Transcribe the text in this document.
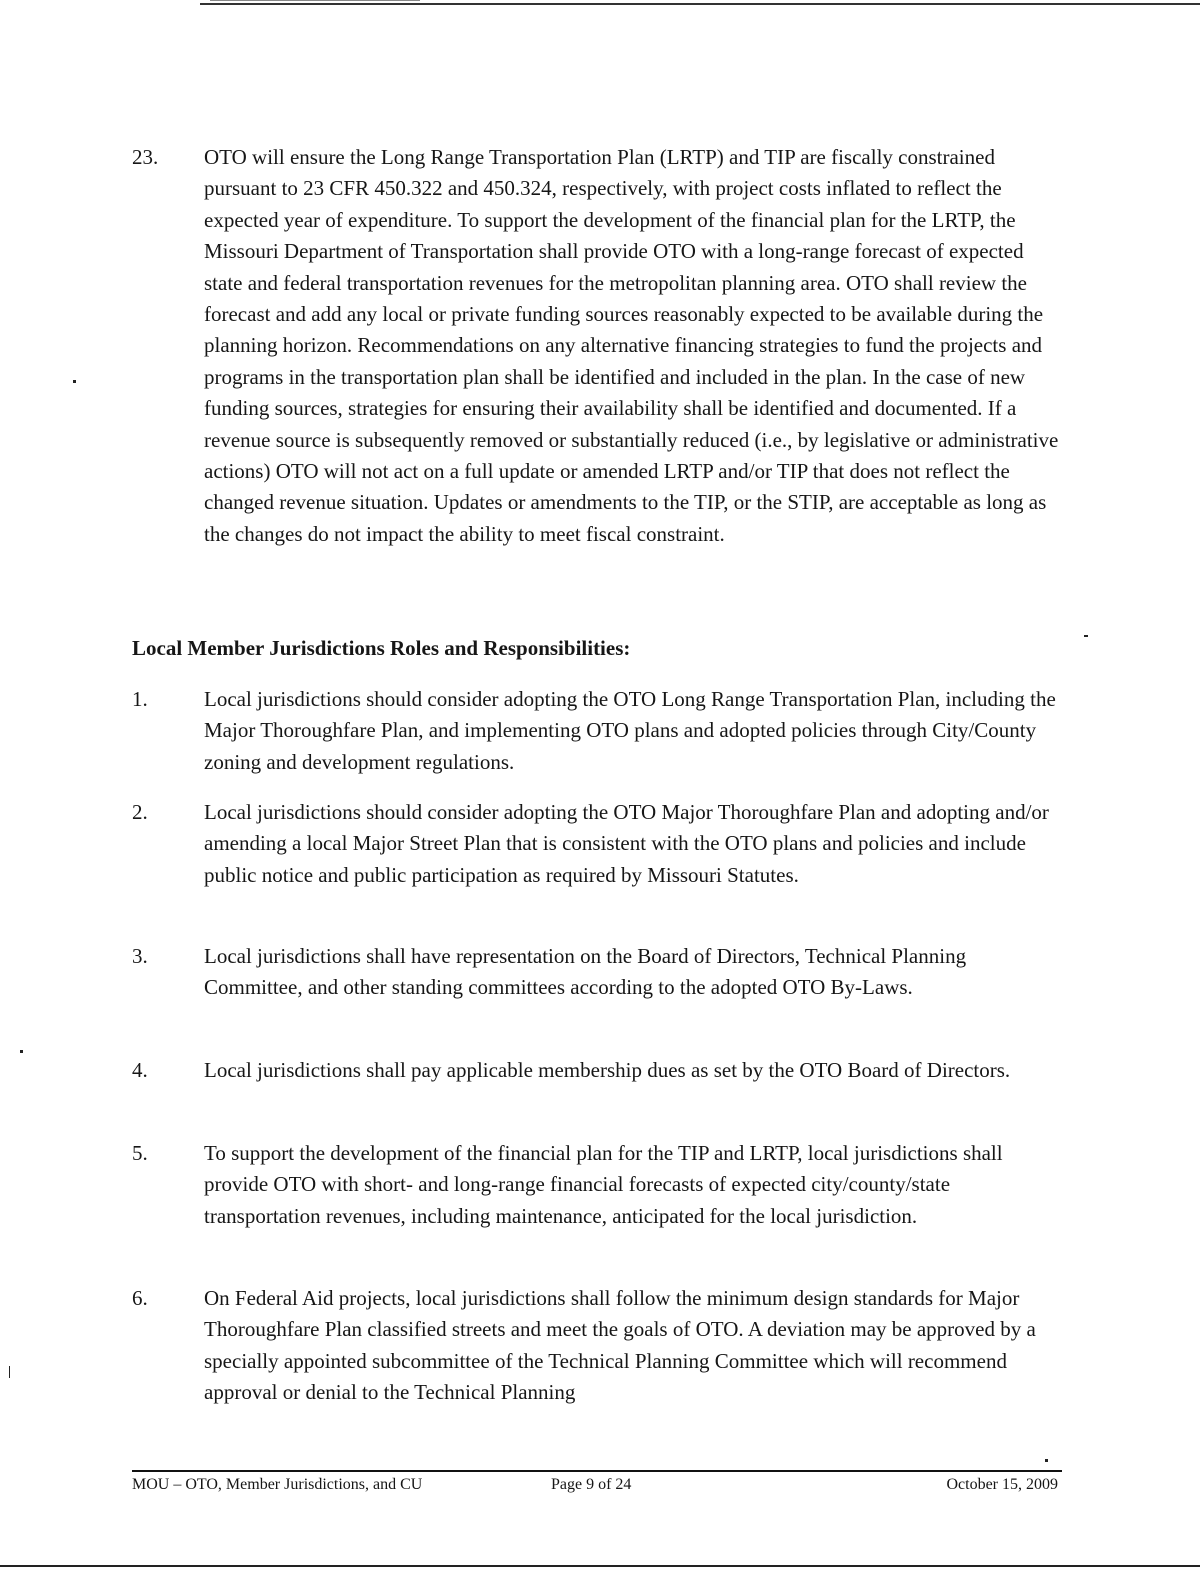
23. OTO will ensure the Long Range Transportation Plan (LRTP) and TIP are fiscally constrained pursuant to 23 CFR 450.322 and 450.324, respectively, with project costs inflated to reflect the expected year of expenditure. To support the development of the financial plan for the LRTP, the Missouri Department of Transportation shall provide OTO with a long-range forecast of expected state and federal transportation revenues for the metropolitan planning area. OTO shall review the forecast and add any local or private funding sources reasonably expected to be available during the planning horizon. Recommendations on any alternative financing strategies to fund the projects and programs in the transportation plan shall be identified and included in the plan. In the case of new funding sources, strategies for ensuring their availability shall be identified and documented. If a revenue source is subsequently removed or substantially reduced (i.e., by legislative or administrative actions) OTO will not act on a full update or amended LRTP and/or TIP that does not reflect the changed revenue situation. Updates or amendments to the TIP, or the STIP, are acceptable as long as the changes do not impact the ability to meet fiscal constraint.
Local Member Jurisdictions Roles and Responsibilities:
1.	Local jurisdictions should consider adopting the OTO Long Range Transportation Plan, including the Major Thoroughfare Plan, and implementing OTO plans and adopted policies through City/County zoning and development regulations.
2.	Local jurisdictions should consider adopting the OTO Major Thoroughfare Plan and adopting and/or amending a local Major Street Plan that is consistent with the OTO plans and policies and include public notice and public participation as required by Missouri Statutes.
3.	Local jurisdictions shall have representation on the Board of Directors, Technical Planning Committee, and other standing committees according to the adopted OTO By-Laws.
4.	Local jurisdictions shall pay applicable membership dues as set by the OTO Board of Directors.
5.	To support the development of the financial plan for the TIP and LRTP, local jurisdictions shall provide OTO with short- and long-range financial forecasts of expected city/county/state transportation revenues, including maintenance, anticipated for the local jurisdiction.
6.	On Federal Aid projects, local jurisdictions shall follow the minimum design standards for Major Thoroughfare Plan classified streets and meet the goals of OTO. A deviation may be approved by a specially appointed subcommittee of the Technical Planning Committee which will recommend approval or denial to the Technical Planning
MOU – OTO, Member Jurisdictions, and CU	Page 9 of 24	October 15, 2009
